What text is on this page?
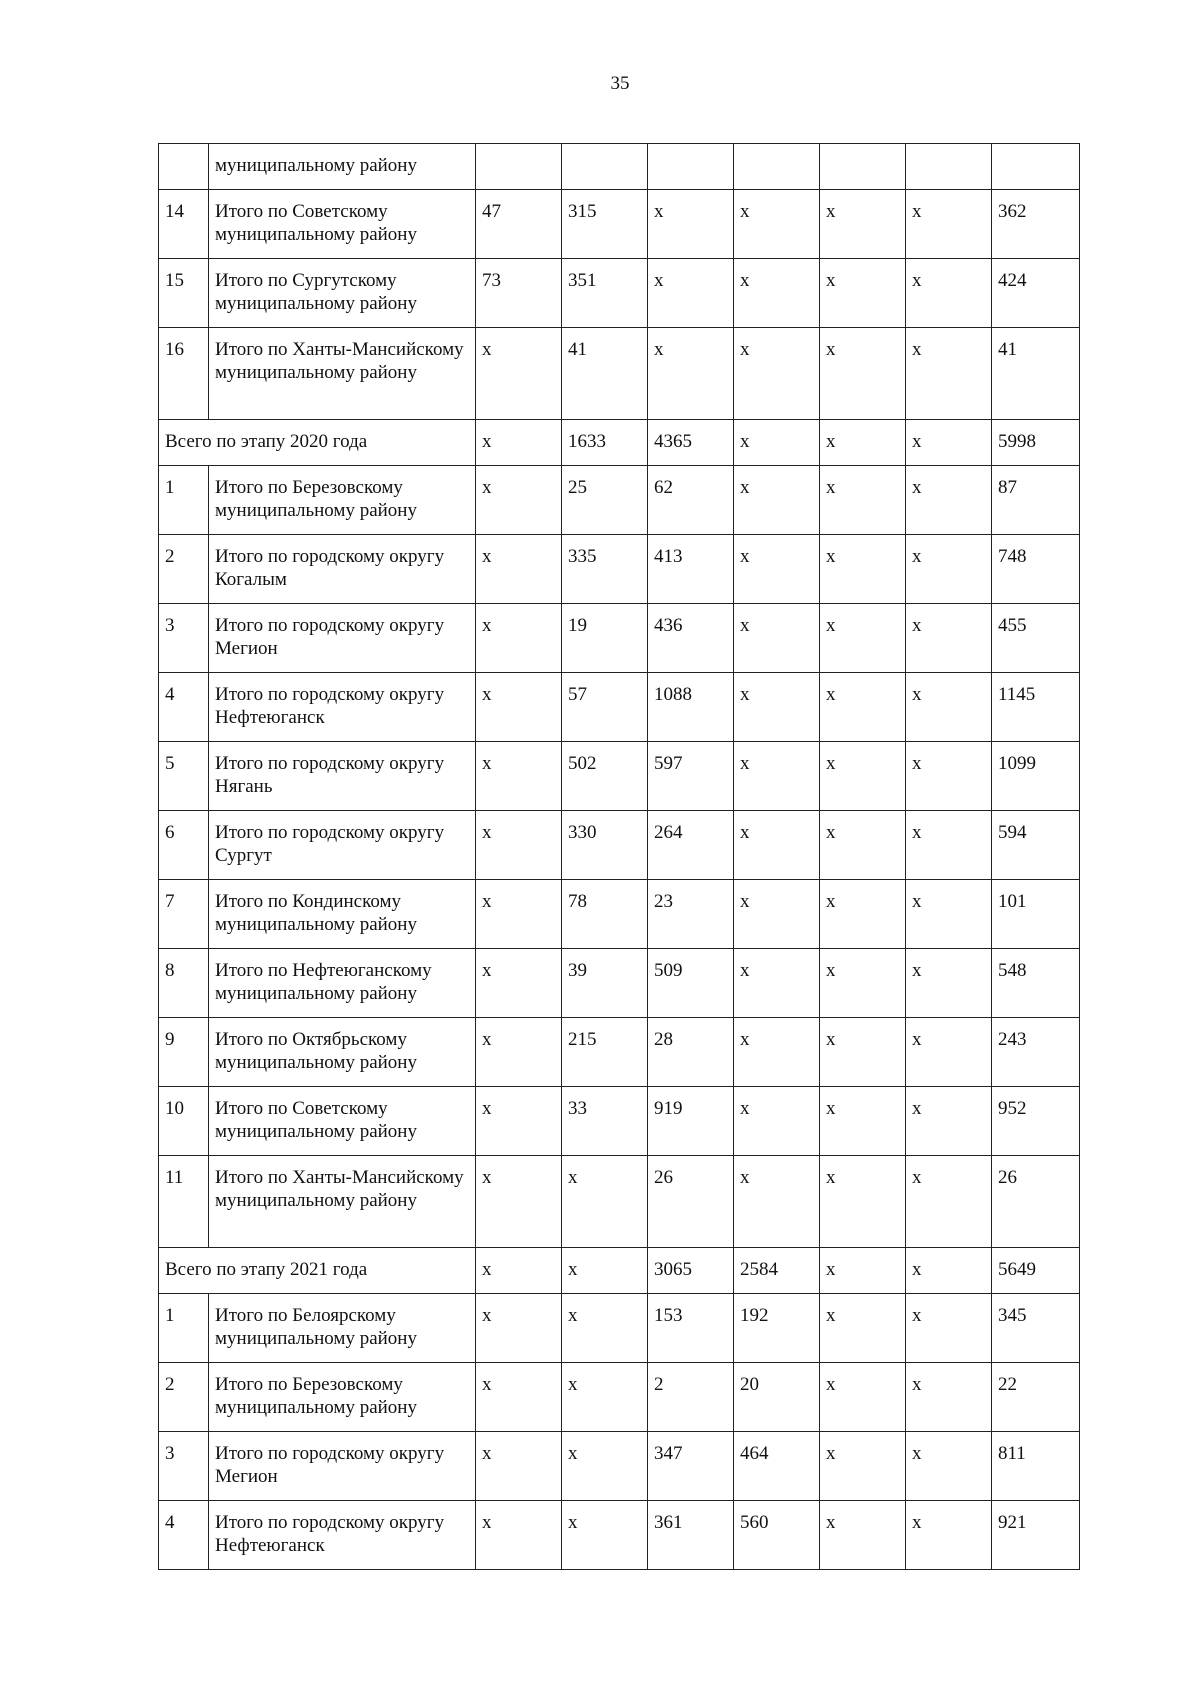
35
	муниципальному району							
14	Итого по Советскому муниципальному району	47	315	х	х	х	х	362
15	Итого по Сургутскому муниципальному району	73	351	х	х	х	х	424
16	Итого по Ханты-Мансийскому муниципальному району	х	41	х	х	х	х	41
Всего по этапу 2020 года		х	1633	4365	х	х	х	5998
1	Итого по Березовскому муниципальному району	х	25	62	х	х	х	87
2	Итого по городскому округу Когалым	х	335	413	х	х	х	748
3	Итого по городскому округу Мегион	х	19	436	х	х	х	455
4	Итого по городскому округу Нефтеюганск	х	57	1088	х	х	х	1145
5	Итого по городскому округу Нягань	х	502	597	х	х	х	1099
6	Итого по городскому округу Сургут	х	330	264	х	х	х	594
7	Итого по Кондинскому муниципальному району	х	78	23	х	х	х	101
8	Итого по Нефтеюганскому муниципальному району	х	39	509	х	х	х	548
9	Итого по Октябрьскому муниципальному району	х	215	28	х	х	х	243
10	Итого по Советскому муниципальному району	х	33	919	х	х	х	952
11	Итого по Ханты-Мансийскому муниципальному району	х	х	26	х	х	х	26
Всего по этапу 2021 года		х	х	3065	2584	х	х	5649
1	Итого по Белоярскому муниципальному району	х	х	153	192	х	х	345
2	Итого по Березовскому муниципальному району	х	х	2	20	х	х	22
3	Итого по городскому округу Мегион	х	х	347	464	х	х	811
4	Итого по городскому округу Нефтеюганск	х	х	361	560	х	х	921
